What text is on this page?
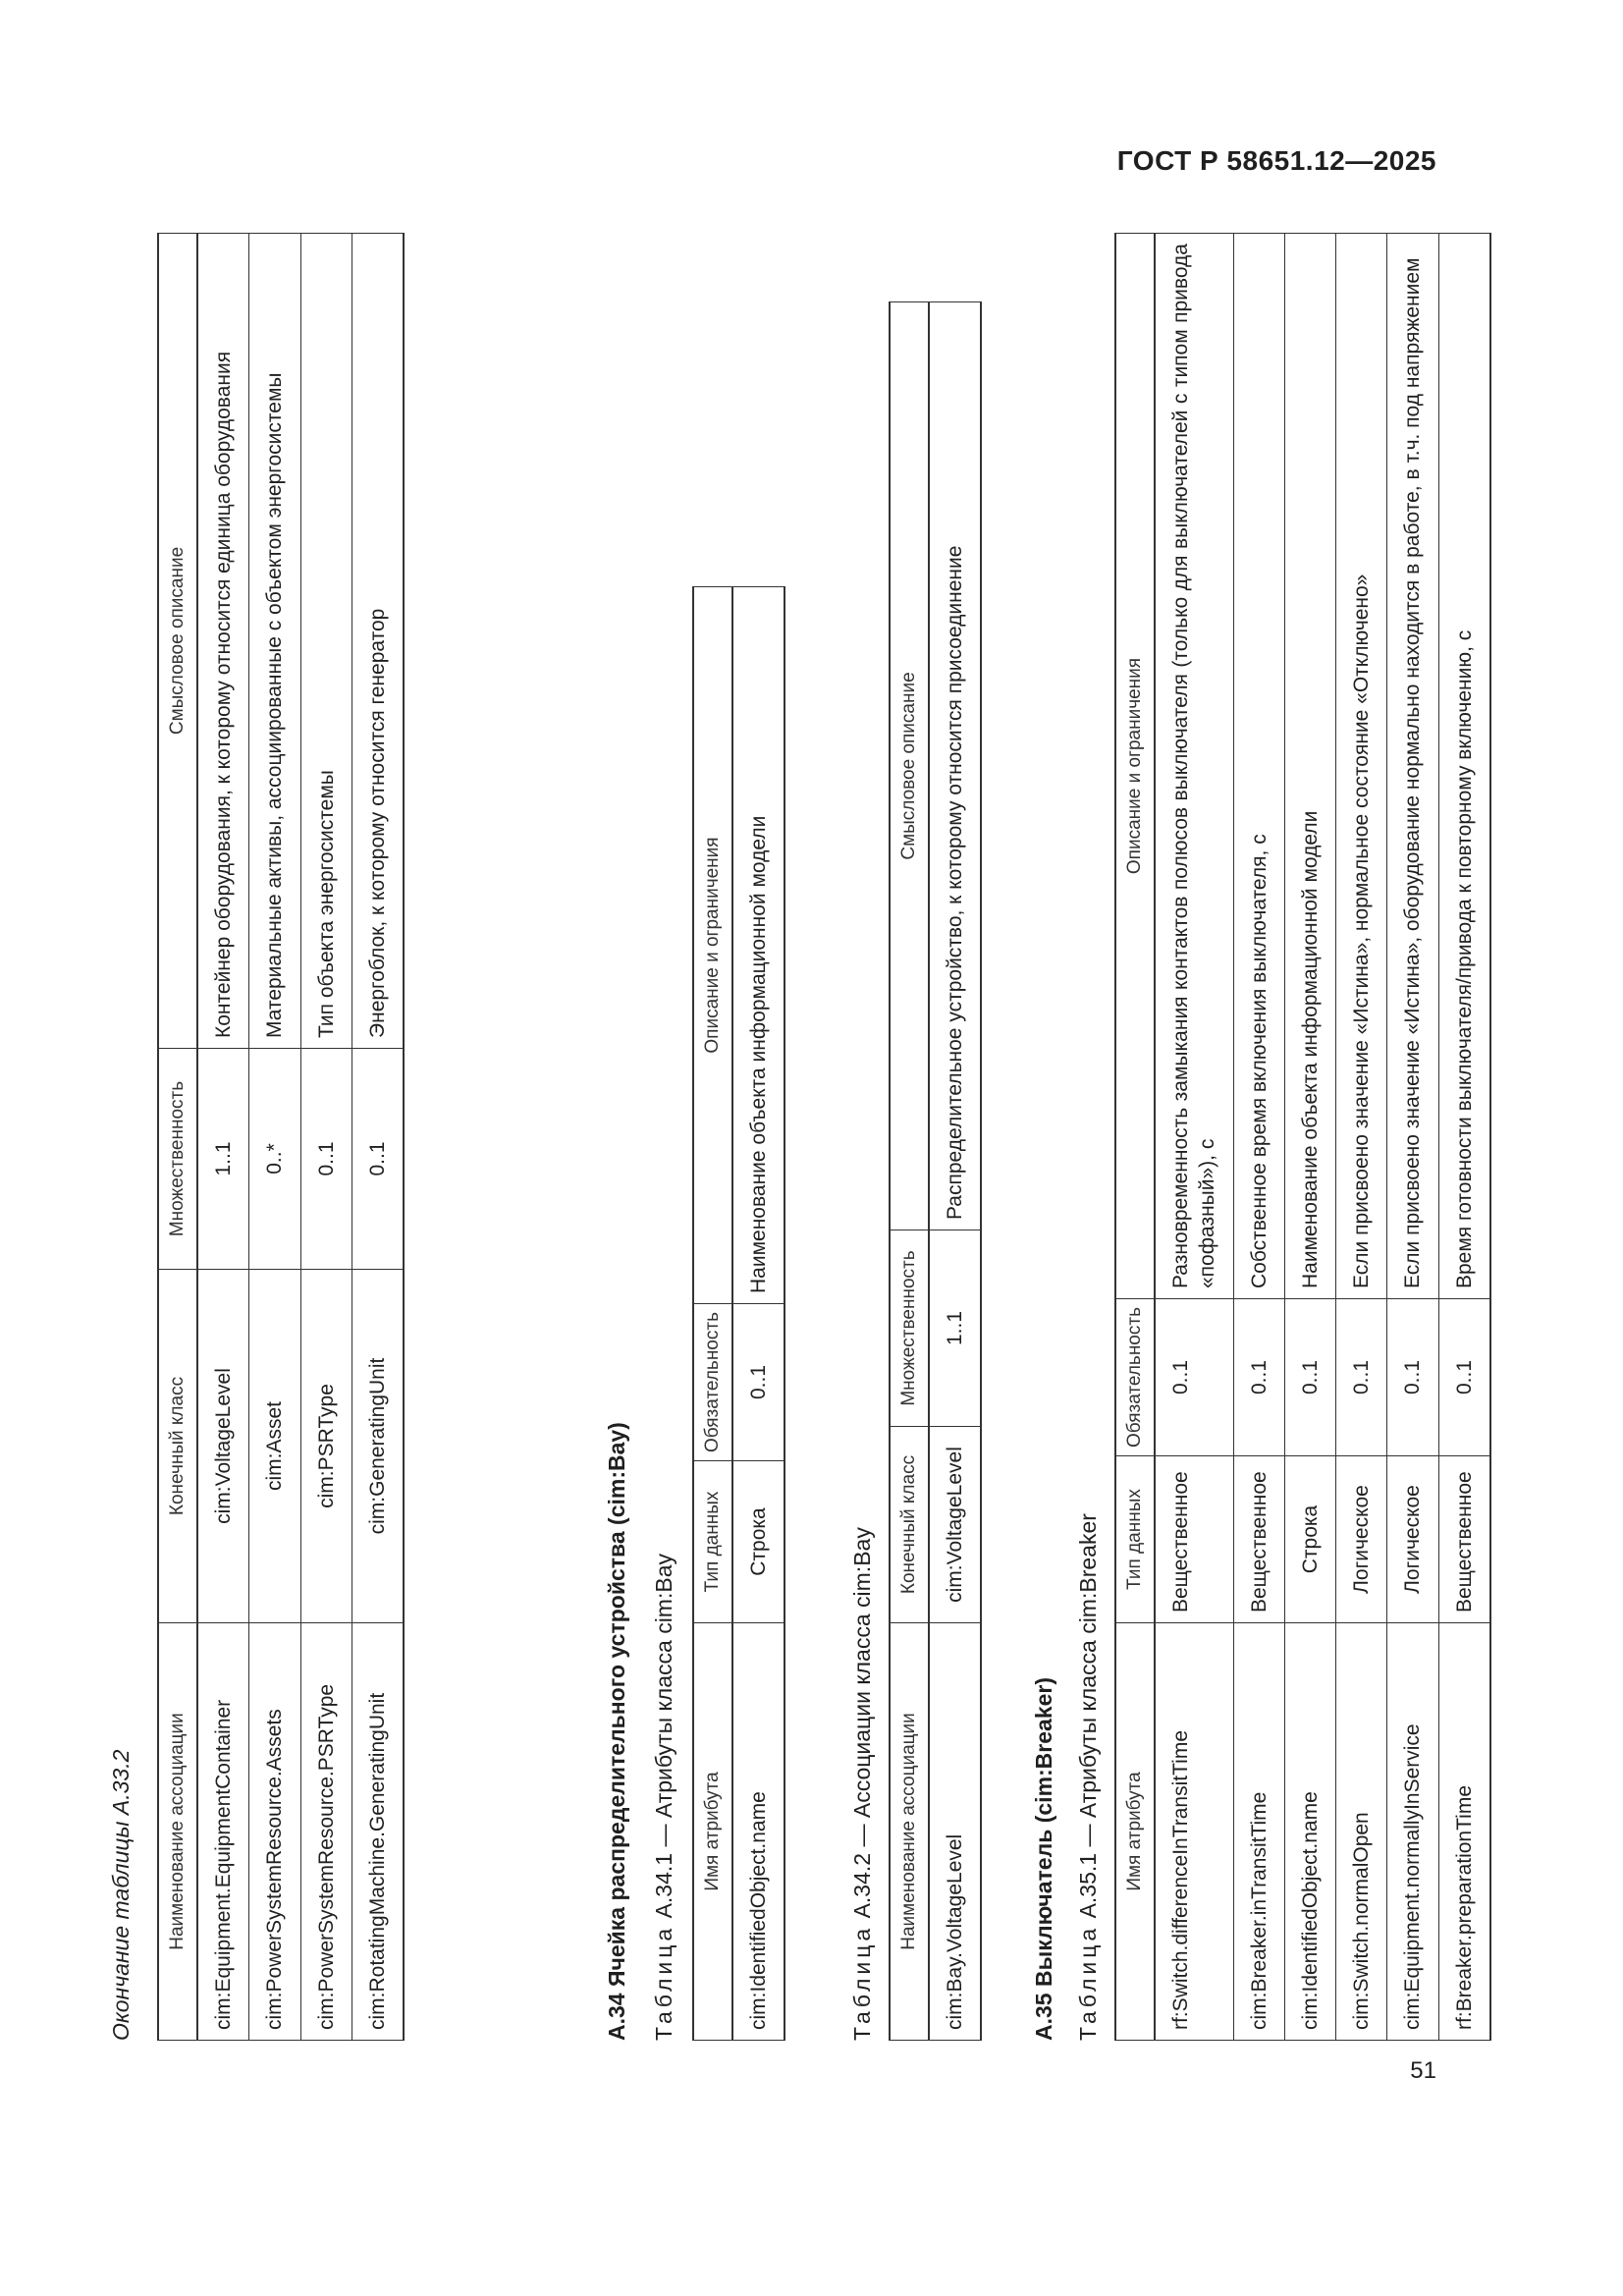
ГОСТ Р 58651.12—2025
51
Окончание таблицы А.33.2 Наименование ассоциации	Конечный класс	Множественность	Смысловое описание
cim:Equipment.EquipmentContainer	cim:VoltageLevel	1..1	Контейнер оборудования, к которому относится единица оборудования
cim:PowerSystemResource.Assets	cim:Asset	0..*	Материальные активы, ассоциированные с объектом энергосистемы
cim:PowerSystemResource.PSRType	cim:PSRType	0..1	Тип объекта энергосистемы
cim:RotatingMachine.GeneratingUnit	cim:GeneratingUnit	0..1	Энергоблок, к которому относится генератор
А.34 Ячейка распределительного устройства (cim:Bay) Таблица А.34.1 — Атрибуты класса cim:Bay Имя атрибута	Тип данных	Обязательность	Описание и ограничения
cim:IdentifiedObject.name	Строка	0..1	Наименование объекта информационной модели
Таблица А.34.2 — Ассоциации класса cim:Bay Наименование ассоциации	Конечный класс	Множественность	Смысловое описание
cim:Bay.VoltageLevel	cim:VoltageLevel	1..1	Распределительное устройство, к которому относится присоединение
А.35 Выключатель (cim:Breaker) Таблица А.35.1 — Атрибуты класса cim:Breaker Имя атрибута	Тип данных	Обязательность	Описание и ограничения
rf:Switch.differenceInTransitTime	Вещественное	0..1	Разновременность замыкания контактов полюсов выключателя (только для выключателей с типом привода «пофазный»), с
cim:Breaker.inTransitTime	Вещественное	0..1	Собственное время включения выключателя, с
cim:IdentifiedObject.name	Строка	0..1	Наименование объекта информационной модели
cim:Switch.normalOpen	Логическое	0..1	Если присвоено значение «Истина», нормальное состояние «Отключено»
cim:Equipment.normallyInService	Логическое	0..1	Если присвоено значение «Истина», оборудование нормально находится в работе, в т.ч. под напряжением
rf:Breaker.preparationTime	Вещественное	0..1	Время готовности выключателя/привода к повторному включению, с
